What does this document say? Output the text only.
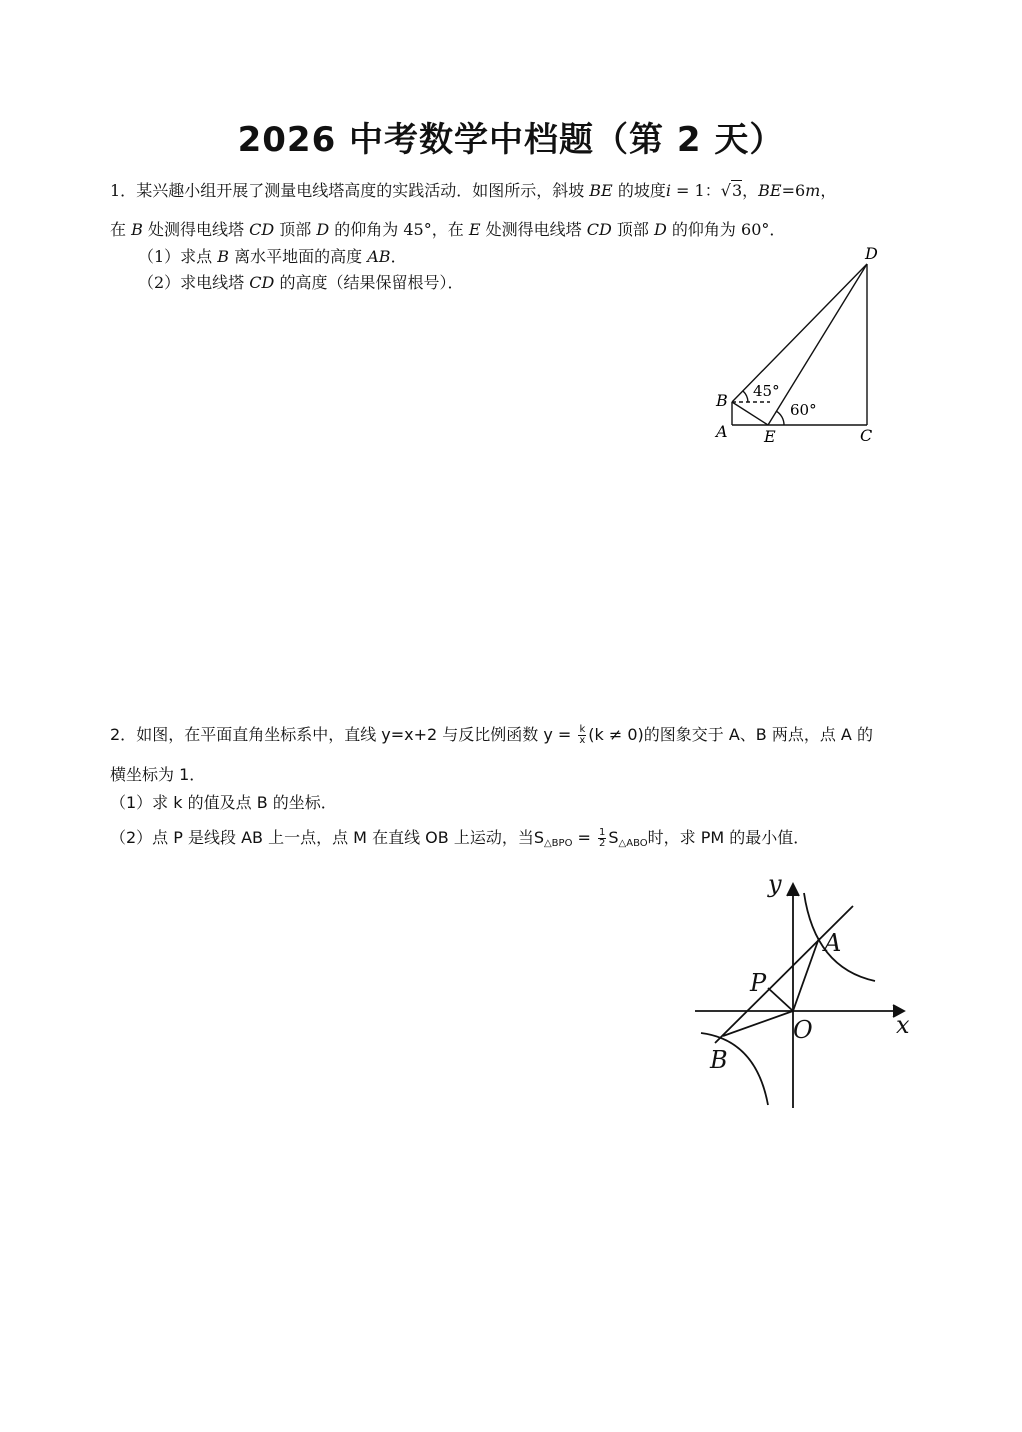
2026 中考数学中档题（第 2 天）
1．某兴趣小组开展了测量电线塔高度的实践活动．如图所示，斜坡 BE 的坡度i = 1：√3，BE=6m，
在 B 处测得电线塔 CD 顶部 D 的仰角为 45°，在 E 处测得电线塔 CD 顶部 D 的仰角为 60°．
（1）求点 B 离水平地面的高度 AB．
（2）求电线塔 CD 的高度（结果保留根号）．
D
B
A E	C
45°
60°
2．如图，在平面直角坐标系中，直线 y=x+2 与反比例函数 $y = \frac{k}{x} (k \ne 0)$的图象交于 A、B 两点，点 A 的
横坐标为 1．
（1）求 k 的值及点 B 的坐标．
（2）点 P 是线段 AB 上一点，点 M 在直线 OB 上运动，当$S_{\triangle BPO} = \frac{1}{2} S_{\triangle ABO}$时，求 PM 的最小值．
y
x
A
P
O
B
